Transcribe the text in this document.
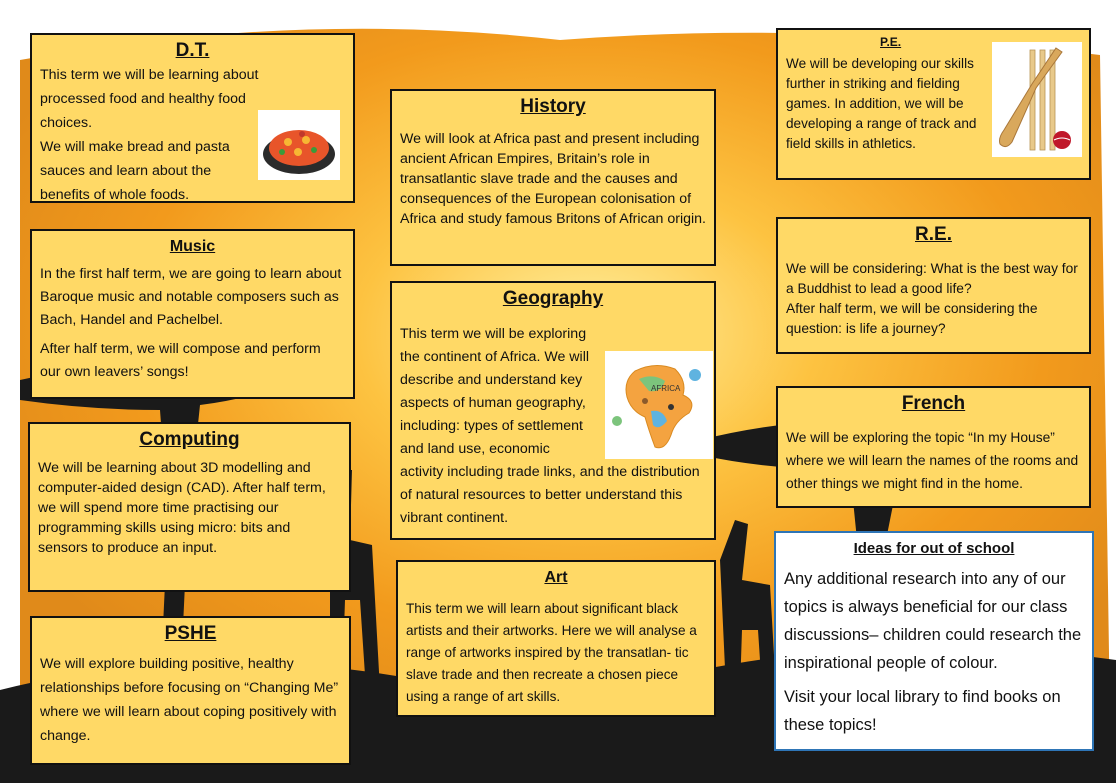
D.T.

This term we will be learning about processed food and healthy food choices.

We will make bread and pasta sauces and learn about the benefits of whole foods.

Music

In the first half term, we are going to learn about Baroque music and notable composers such as Bach, Handel and Pachelbel.

After half term, we will compose and perform our own leavers’ songs!

Computing

We will be learning about 3D modelling and computer-aided design (CAD). After half term, we will spend more time practising our programming skills using micro: bits and sensors to produce an input.

PSHE

We will explore building positive, healthy relationships before focusing on “Changing Me” where we will learn about coping positively with change.

History

We will look at Africa past and present including ancient African Empires, Britain’s role in transatlantic slave trade and the causes and consequences of the European colonisation of Africa and study famous Britons of African origin.

Geography

This term we will be exploring the continent of Africa. We will describe and understand key aspects of human geography, including: types of settlement and land use, economic activity including trade links, and the distribution of natural resources to better understand this vibrant continent.

AFRICA
Art

This term we will learn about significant black artists and their artworks. Here we will analyse a range of artworks inspired by the transatlan- tic slave trade and then recreate a chosen piece using a range of art skills.

P.E.

We will be developing our skills further in striking and fielding games. In addition, we will be developing a range of track and field skills in athletics.

R.E.

We will be considering: What is the best way for a Buddhist to lead a good life?

After half term, we will be considering the question: is life a journey?

French

We will be exploring the topic “In my House” where we will learn the names of the rooms and other things we might find in the home.

Ideas for out of school

Any additional research into any of our topics is always beneficial for our class discussions– children could research the inspirational people of colour.

Visit your local library to find books on these topics!
